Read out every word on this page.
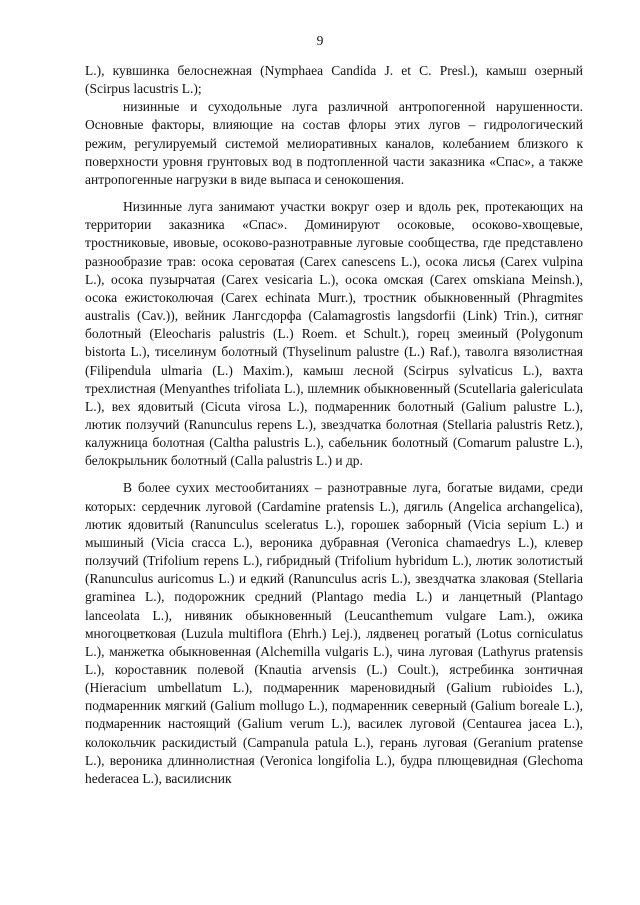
9

L.), кувшинка белоснежная (Nymphaea Candida J. et C. Presl.), камыш озерный (Scirpus lacustris L.);

низинные и суходольные луга различной антропогенной нарушенности. Основные факторы, влияющие на состав флоры этих лугов – гидрологический режим, регулируемый системой мелиоративных каналов, колебанием близкого к поверхности уровня грунтовых вод в подтопленной части заказника «Спас», а также антропогенные нагрузки в виде выпаса и сенокошения.

Низинные луга занимают участки вокруг озер и вдоль рек, протекающих на территории заказника «Спас». Доминируют осоковые, осоково-хвощевые, тростниковые, ивовые, осоково-разнотравные луговые сообщества, где представлено разнообразие трав: осока сероватая (Carex canescens L.), осока лисья (Carex vulpina L.), осока пузырчатая (Carex vesicaria L.), осока омская (Carex omskiana Meinsh.), осока ежистоколючая (Carex echinata Murr.), тростник обыкновенный (Phragmites australis (Cav.)), вейник Лангсдорфа (Calamagrostis langsdorfii (Link) Trin.), ситняг болотный (Eleocharis palustris (L.) Roem. et Schult.), горец змеиный (Polygonum bistorta L.), тиселинум болотный (Thyselinum palustre (L.) Raf.), таволга вязолистная (Filipendula ulmaria (L.) Maxim.), камыш лесной (Scirpus sylvaticus L.), вахта трехлистная (Menyanthes trifoliata L.), шлемник обыкновенный (Scutellaria galericulata L.), вех ядовитый (Cicuta virosa L.), подмаренник болотный (Galium palustre L.), лютик ползучий (Ranunculus repens L.), звездчатка болотная (Stellaria palustris Retz.), калужница болотная (Caltha palustris L.), сабельник болотный (Comarum palustre L.), белокрыльник болотный (Calla palustris L.) и др.

В более сухих местообитаниях – разнотравные луга, богатые видами, среди которых: сердечник луговой (Cardamine pratensis L.), дягиль (Angelica archangelica), лютик ядовитый (Ranunculus sceleratus L.), горошек заборный (Vicia sepium L.) и мышиный (Vicia cracca L.), вероника дубравная (Veronica chamaedrys L.), клевер ползучий (Trifolium repens L.), гибридный (Trifolium hybridum L.), лютик золотистый (Ranunculus auricomus L.) и едкий (Ranunculus acris L.), звездчатка злаковая (Stellaria graminea L.), подорожник средний (Plantago media L.) и ланцетный (Plantago lanceolata L.), нивяник обыкновенный (Leucanthemum vulgare Lam.), ожика многоцветковая (Luzula multiflora (Ehrh.) Lej.), лядвенец рогатый (Lotus corniculatus L.), манжетка обыкновенная (Alchemilla vulgaris L.), чина луговая (Lathyrus pratensis L.), короставник полевой (Knautia arvensis (L.) Coult.), ястребинка зонтичная (Hieracium umbellatum L.), подмаренник мареновидный (Galium rubioides L.), подмаренник мягкий (Galium mollugo L.), подмаренник северный (Galium boreale L.), подмаренник настоящий (Galium verum L.), василек луговой (Centaurea jacea L.), колокольчик раскидистый (Campanula patula L.), герань луговая (Geranium pratense L.), вероника длиннолистная (Veronica longifolia L.), будра плющевидная (Glechoma hederacea L.), василисник
